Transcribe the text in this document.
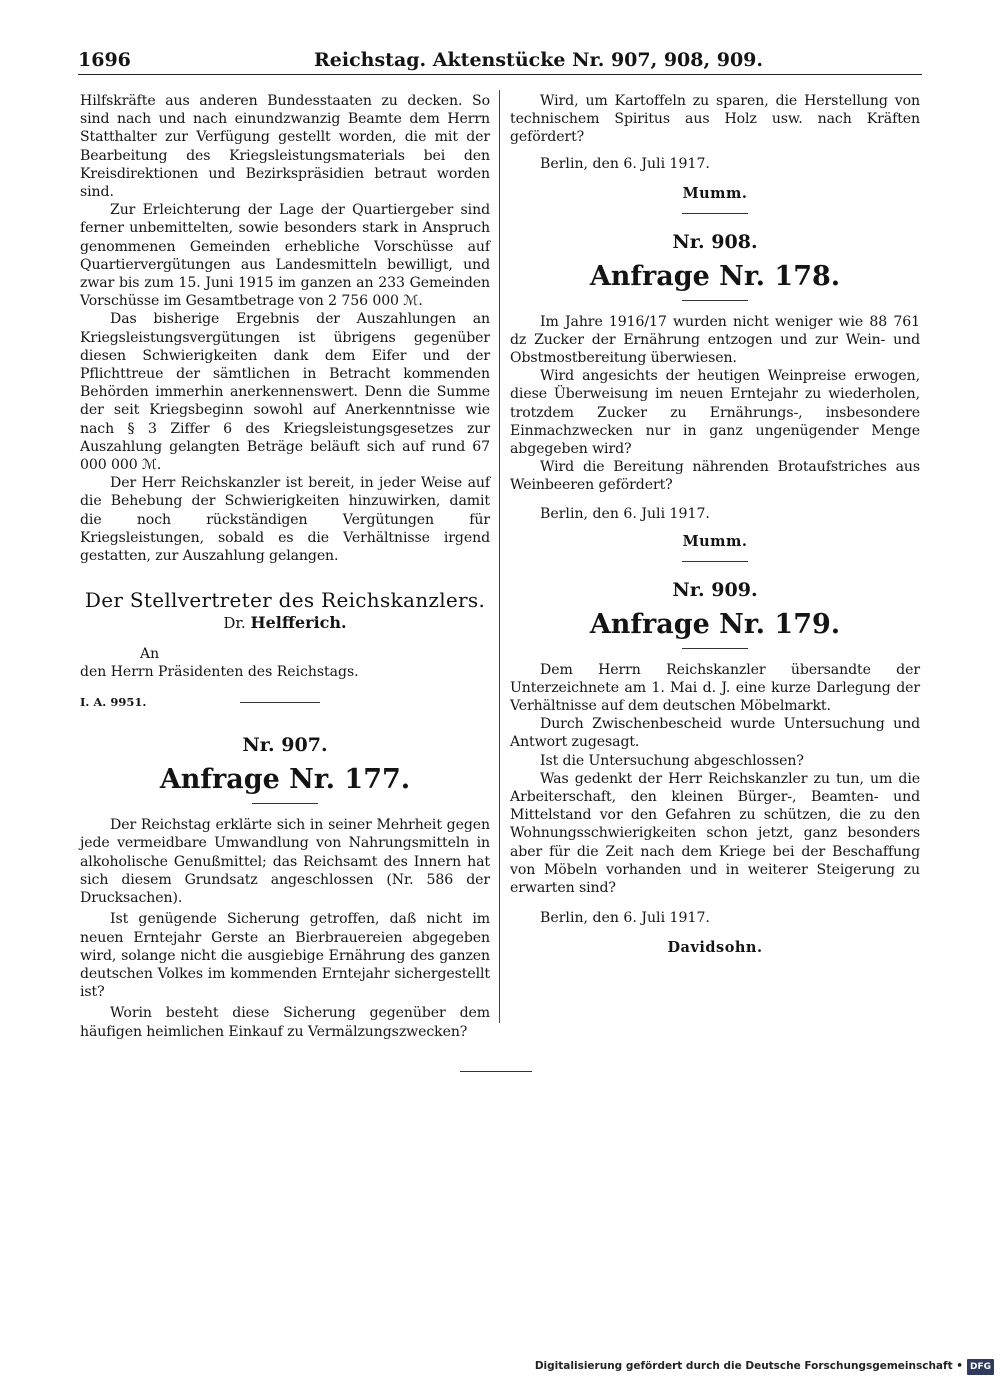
1696	Reichstag. Aktenstücke Nr. 907, 908, 909.

Hilfskräfte aus anderen Bundesstaaten zu decken. So sind nach und nach einundzwanzig Beamte dem Herrn Statthalter zur Verfügung gestellt worden, die mit der Bearbeitung des Kriegsleistungsmaterials bei den Kreisdirektionen und Bezirkspräsidien betraut worden sind.

Zur Erleichterung der Lage der Quartiergeber sind ferner unbemittelten, sowie besonders stark in Anspruch genommenen Gemeinden erhebliche Vorschüsse auf Quartiervergütungen aus Landesmitteln bewilligt, und zwar bis zum 15. Juni 1915 im ganzen an 233 Gemeinden Vorschüsse im Gesamtbetrage von 2 756 000 ℳ.

Das bisherige Ergebnis der Auszahlungen an Kriegsleistungsvergütungen ist übrigens gegenüber diesen Schwierigkeiten dank dem Eifer und der Pflichttreue der sämtlichen in Betracht kommenden Behörden immerhin anerkennenswert. Denn die Summe der seit Kriegsbeginn sowohl auf Anerkenntnisse wie nach § 3 Ziffer 6 des Kriegsleistungsgesetzes zur Auszahlung gelangten Beträge beläuft sich auf rund 67 000 000 ℳ.

Der Herr Reichskanzler ist bereit, in jeder Weise auf die Behebung der Schwierigkeiten hinzuwirken, damit die noch rückständigen Vergütungen für Kriegsleistungen, sobald es die Verhältnisse irgend gestatten, zur Auszahlung gelangen.

Der Stellvertreter des Reichskanzlers.

Dr. Helfferich.

An

den Herrn Präsidenten des Reichstags.

I. A. 9951.

Nr. 907.

Anfrage Nr. 177.

Der Reichstag erklärte sich in seiner Mehrheit gegen jede vermeidbare Umwandlung von Nahrungsmitteln in alkoholische Genußmittel; das Reichsamt des Innern hat sich diesem Grundsatz angeschlossen (Nr. 586 der Drucksachen).

Ist genügende Sicherung getroffen, daß nicht im neuen Erntejahr Gerste an Bierbrauereien abgegeben wird, solange nicht die ausgiebige Ernährung des ganzen deutschen Volkes im kommenden Erntejahr sichergestellt ist?

Worin besteht diese Sicherung gegenüber dem häufigen heimlichen Einkauf zu Vermälzungszwecken?

Wird, um Kartoffeln zu sparen, die Herstellung von technischem Spiritus aus Holz usw. nach Kräften gefördert?

Berlin, den 6. Juli 1917.

Mumm.

Nr. 908.

Anfrage Nr. 178.

Im Jahre 1916/17 wurden nicht weniger wie 88 761 dz Zucker der Ernährung entzogen und zur Wein- und Obstmostbereitung überwiesen.

Wird angesichts der heutigen Weinpreise erwogen, diese Überweisung im neuen Erntejahr zu wiederholen, trotzdem Zucker zu Ernährungs-, insbesondere Einmachzwecken nur in ganz ungenügender Menge abgegeben wird?

Wird die Bereitung nährenden Brotaufstriches aus Weinbeeren gefördert?

Berlin, den 6. Juli 1917.

Mumm.

Nr. 909.

Anfrage Nr. 179.

Dem Herrn Reichskanzler übersandte der Unterzeichnete am 1. Mai d. J. eine kurze Darlegung der Verhältnisse auf dem deutschen Möbelmarkt.

Durch Zwischenbescheid wurde Untersuchung und Antwort zugesagt.

Ist die Untersuchung abgeschlossen?

Was gedenkt der Herr Reichskanzler zu tun, um die Arbeiterschaft, den kleinen Bürger-, Beamten- und Mittelstand vor den Gefahren zu schützen, die zu den Wohnungsschwierigkeiten schon jetzt, ganz besonders aber für die Zeit nach dem Kriege bei der Beschaffung von Möbeln vorhanden und in weiterer Steigerung zu erwarten sind?

Berlin, den 6. Juli 1917.

Davidsohn.

Digitalisierung gefördert durch die Deutsche Forschungsgemeinschaft • DFG
